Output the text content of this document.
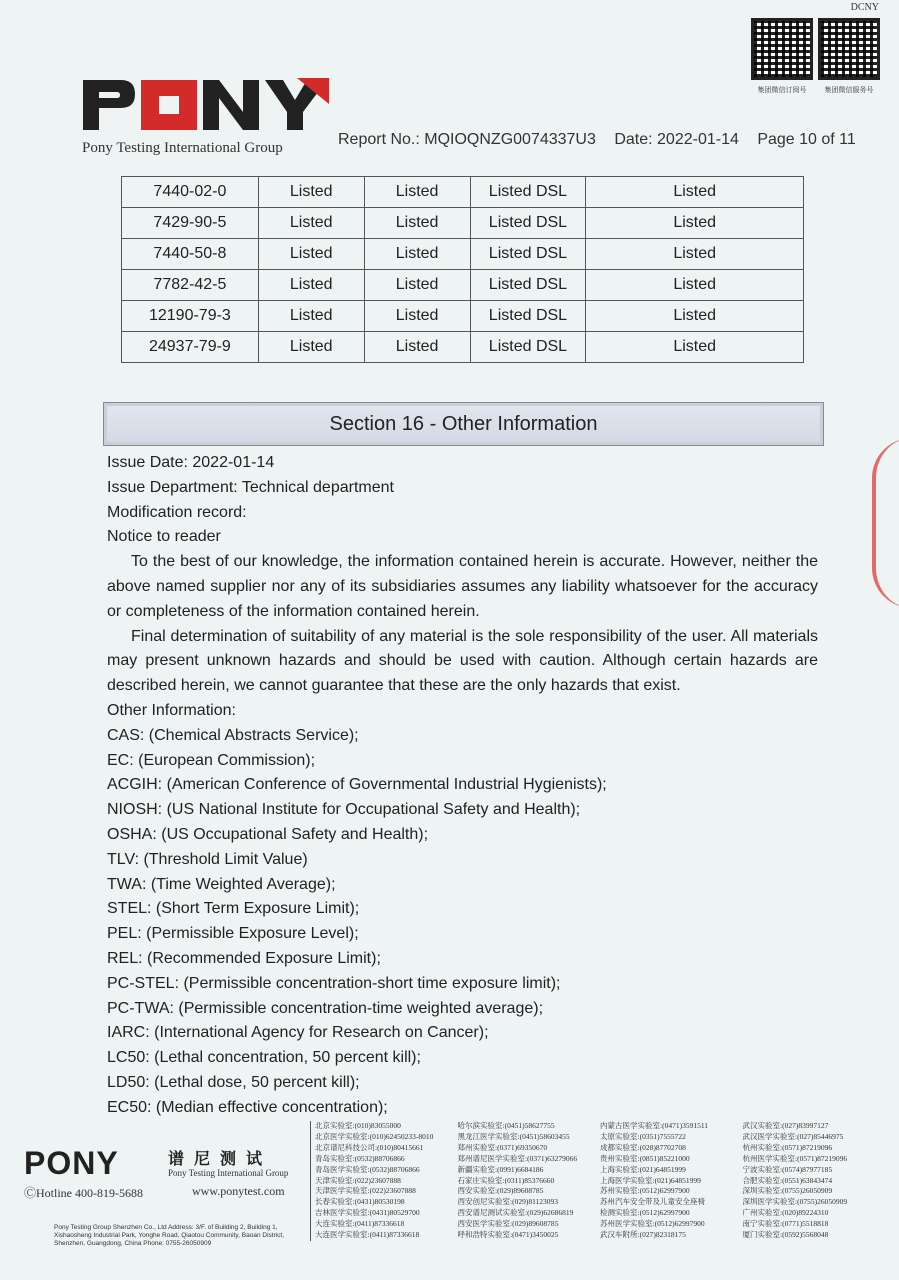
DCNY
集团微信订阅号	集团微信服务号
Pony Testing International Group	Report No.: MQIOQNZG0074337U3 Date: 2022-01-14 Page 10 of 11
7440-02-0	Listed	Listed	Listed DSL	Listed
7429-90-5	Listed	Listed	Listed DSL	Listed
7440-50-8	Listed	Listed	Listed DSL	Listed
7782-42-5	Listed	Listed	Listed DSL	Listed
12190-79-3	Listed	Listed	Listed DSL	Listed
24937-79-9	Listed	Listed	Listed DSL	Listed
Section 16 - Other Information

Issue Date: 2022-01-14

Issue Department: Technical department

Modification record:

Notice to reader

To the best of our knowledge, the information contained herein is accurate. However, neither the above named supplier nor any of its subsidiaries assumes any liability whatsoever for the accuracy or completeness of the information contained herein.

Final determination of suitability of any material is the sole responsibility of the user. All materials may present unknown hazards and should be used with caution. Although certain hazards are described herein, we cannot guarantee that these are the only hazards that exist.

Other Information:

CAS: (Chemical Abstracts Service);

EC: (European Commission);

ACGIH: (American Conference of Governmental Industrial Hygienists);

NIOSH: (US National Institute for Occupational Safety and Health);

OSHA: (US Occupational Safety and Health);

TLV: (Threshold Limit Value)

TWA: (Time Weighted Average);

STEL: (Short Term Exposure Limit);

PEL: (Permissible Exposure Level);

REL: (Recommended Exposure Limit);

PC-STEL: (Permissible concentration-short time exposure limit);

PC-TWA: (Permissible concentration-time weighted average);

IARC: (International Agency for Research on Cancer);

LC50: (Lethal concentration, 50 percent kill);

LD50: (Lethal dose, 50 percent kill);

EC50: (Median effective concentration);

PONY	谱尼测试
Pony Testing International Group
ⒸHotline 400-819-5688	www.ponytest.com
Pony Testing Group Shenzhen Co., Ltd Address: 3/F. of Building 2, Building 1, Xishaosheng Industrial Park, Yonghe Road, Qiaotou Community, Baoan District, Shenzhen, Guangdong, China Phone: 0755-26050909
北京实验室:(010)83055000	哈尔滨实验室:(0451)58627755	内蒙古医学实验室:(0471)3591511	武汉实验室:(027)83997127
北京医学实验室:(010)62450233-8010	黑龙江医学实验室:(0451)58603455	太原实验室:(0351)7555722	武汉医学实验室:(027)85446975
北京谱尼科技公司:(010)80415661	郑州实验室:(0371)69350670	成都实验室:(028)87702708	杭州实验室:(0571)87219096
青岛实验室:(0532)88706866	郑州谱尼医学实验室:(0371)63279066	贵州实验室:(0851)85221000	杭州医学实验室:(0571)87219096
青岛医学实验室:(0532)88706866	新疆实验室:(0991)6684186	上海实验室:(021)64851999	宁波实验室:(0574)87977185
天津实验室:(022)23607888	石家庄实验室:(0311)85376660	上海医学实验室:(021)64851999	合肥实验室:(0551)63843474
天津医学实验室:(022)23607888	西安实验室:(029)89608785	苏州实验室:(0512)62997900	深圳实验室:(0755)26050909
长春实验室:(0431)80530198	西安创尼实验室:(029)81123093	苏州汽车安全带及儿童安全座椅	深圳医学实验室:(0755)26050909
吉林医学实验室:(0431)80529700	西安谱尼测试实验室:(029)62686819	检测实验室:(0512)62997900	广州实验室:(020)89224310
大连实验室:(0411)87336618	西安医学实验室:(029)89608785	苏州医学实验室:(0512)62997900	南宁实验室:(0771)5518818
大连医学实验室:(0411)87336618	呼和浩特实验室:(0471)3450025	武汉车附所:(027)82318175	厦门实验室:(0592)5568048
